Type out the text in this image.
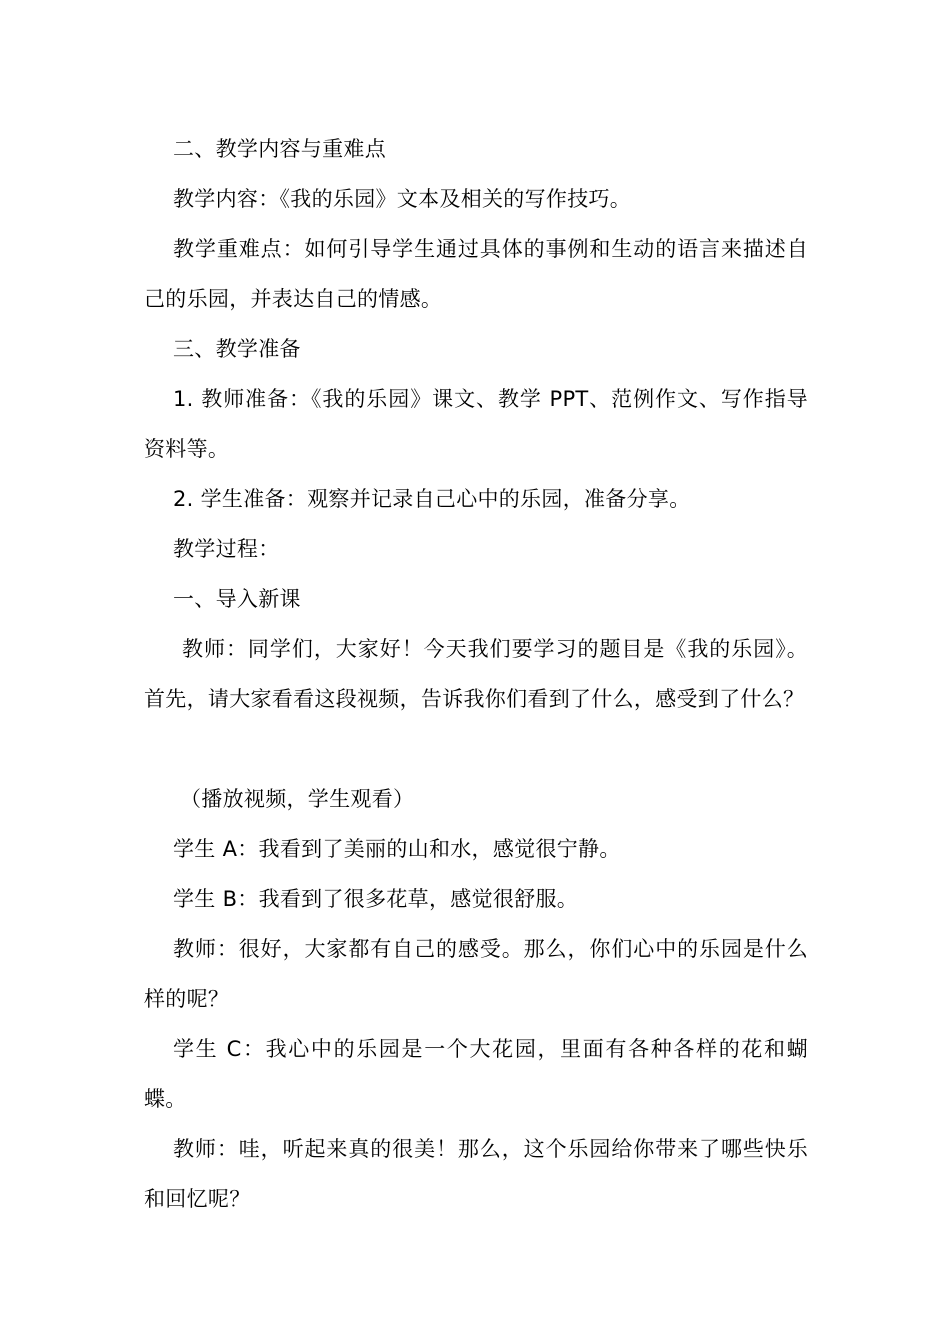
二、教学内容与重难点

教学内容：《我的乐园》文本及相关的写作技巧。

教学重难点：如何引导学生通过具体的事例和生动的语言来描述自己的乐园，并表达自己的情感。

三、教学准备

1. 教师准备：《我的乐园》课文、教学 PPT、范例作文、写作指导资料等。

2. 学生准备：观察并记录自己心中的乐园，准备分享。

教学过程：

一、导入新课

教师：同学们，大家好！今天我们要学习的题目是《我的乐园》。首先，请大家看看这段视频，告诉我你们看到了什么，感受到了什么？

（播放视频，学生观看）

学生 A：我看到了美丽的山和水，感觉很宁静。

学生 B：我看到了很多花草，感觉很舒服。

教师：很好，大家都有自己的感受。那么，你们心中的乐园是什么样的呢？

学生 C：我心中的乐园是一个大花园，里面有各种各样的花和蝴蝶。

教师：哇，听起来真的很美！那么，这个乐园给你带来了哪些快乐和回忆呢？
